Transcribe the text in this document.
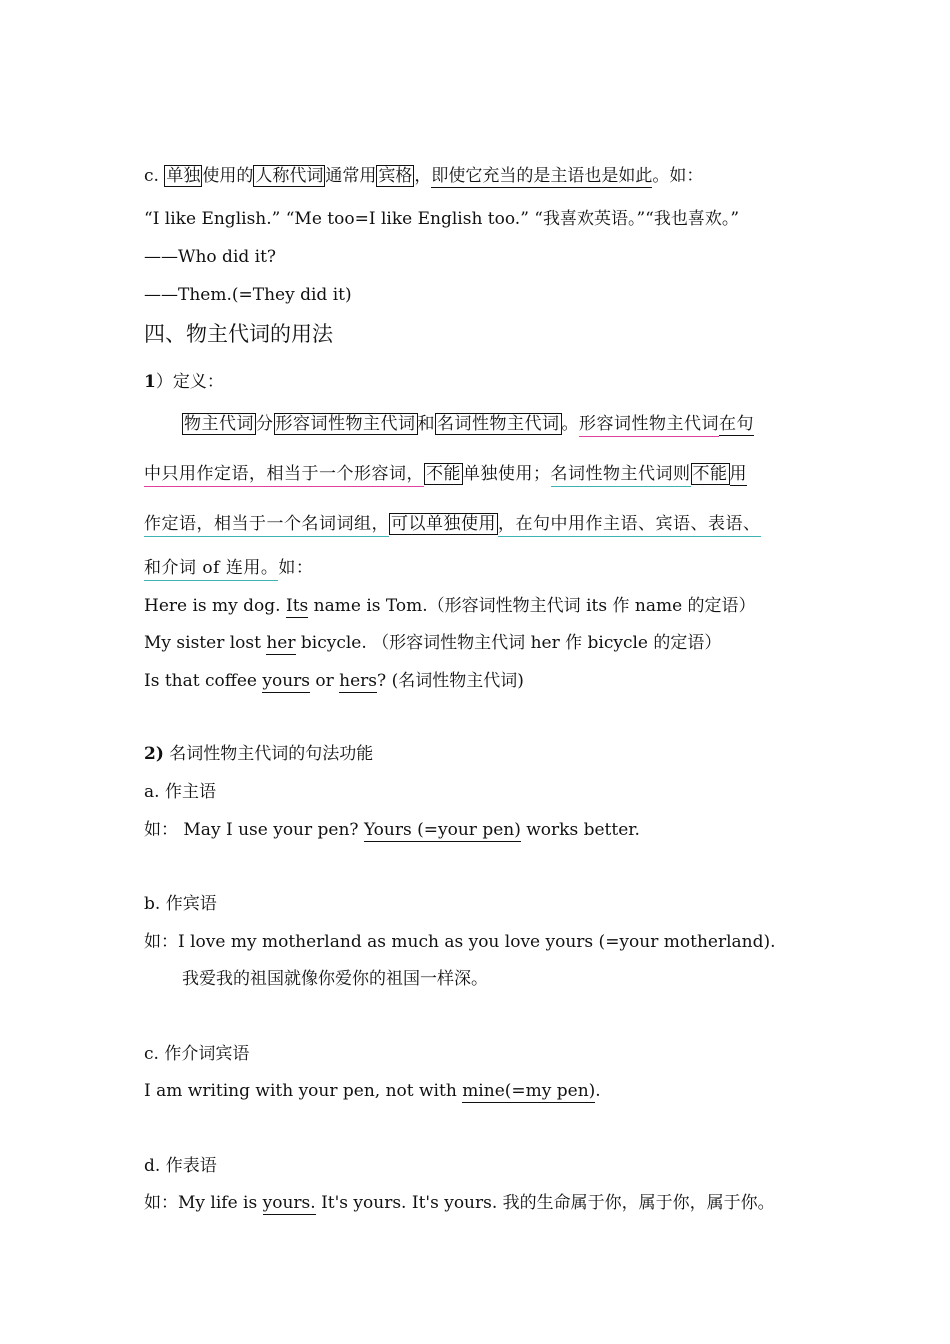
c. 单独 使用的 人称代词 通常用 宾格 ，即使它充当的是主语也是如此。如：
“I like English.” “Me too=I like English too.” “我喜欢英语。”“我也喜欢。”
——Who did it?
——Them.(=They did it)
四、物主代词的用法
1）定义：
物主代词 分 形容词性物主代词 和 名词性物主代词 。形容词性物主代词在句
中只用作定语，相当于一个形容词， 不能 单独使用；名词性物主代词则 不能 用
作定语，相当于一个名词词组， 可以单独使用 ，在句中用作主语、宾语、表语、
和介词 of 连用。如：
Here is my dog. Its name is Tom.（形容词性物主代词 its 作 name 的定语）
My sister lost her bicycle. （形容词性物主代词 her 作 bicycle 的定语）
Is that coffee yours or hers? (名词性物主代词)
2) 名词性物主代词的句法功能
a. 作主语
如： May I use your pen? Yours (=your pen) works better.
b. 作宾语
如：I love my motherland as much as you love yours (=your motherland).
我爱我的祖国就像你爱你的祖国一样深。
c. 作介词宾语
I am writing with your pen, not with mine(=my pen).
d. 作表语
如：My life is yours. It's yours. It's yours. 我的生命属于你，属于你，属于你。
